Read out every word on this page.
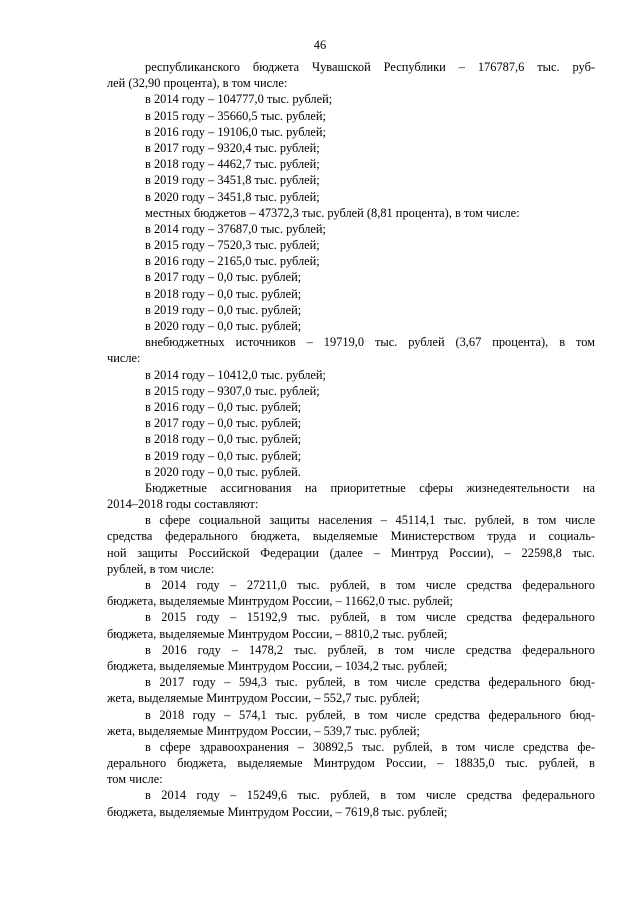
46
республиканского бюджета Чувашской Республики – 176787,6 тыс. руб-
лей (32,90 процента), в том числе:
в 2014 году – 104777,0 тыс. рублей;
в 2015 году – 35660,5 тыс. рублей;
в 2016 году – 19106,0 тыс. рублей;
в 2017 году – 9320,4 тыс. рублей;
в 2018 году – 4462,7 тыс. рублей;
в 2019 году – 3451,8 тыс. рублей;
в 2020 году – 3451,8 тыс. рублей;
местных бюджетов – 47372,3 тыс. рублей (8,81 процента), в том числе:
в 2014 году – 37687,0 тыс. рублей;
в 2015 году – 7520,3 тыс. рублей;
в 2016 году – 2165,0 тыс. рублей;
в 2017 году – 0,0 тыс. рублей;
в 2018 году – 0,0 тыс. рублей;
в 2019 году – 0,0 тыс. рублей;
в 2020 году – 0,0 тыс. рублей;
внебюджетных источников – 19719,0 тыс. рублей (3,67 процента), в том
числе:
в 2014 году – 10412,0 тыс. рублей;
в 2015 году – 9307,0 тыс. рублей;
в 2016 году – 0,0 тыс. рублей;
в 2017 году – 0,0 тыс. рублей;
в 2018 году – 0,0 тыс. рублей;
в 2019 году – 0,0 тыс. рублей;
в 2020 году – 0,0 тыс. рублей.
Бюджетные ассигнования на приоритетные сферы жизнедеятельности на
2014–2018 годы составляют:
в сфере социальной защиты населения – 45114,1 тыс. рублей, в том числе
средства федерального бюджета, выделяемые Министерством труда и социаль-
ной защиты Российской Федерации (далее – Минтруд России), – 22598,8 тыс.
рублей, в том числе:
в 2014 году – 27211,0 тыс. рублей, в том числе средства федерального
бюджета, выделяемые Минтрудом России, – 11662,0 тыс. рублей;
в 2015 году – 15192,9 тыс. рублей, в том числе средства федерального
бюджета, выделяемые Минтрудом России, – 8810,2 тыс. рублей;
в 2016 году – 1478,2 тыс. рублей, в том числе средства федерального
бюджета, выделяемые Минтрудом России, – 1034,2 тыс. рублей;
в 2017 году – 594,3 тыс. рублей, в том числе средства федерального бюд-
жета, выделяемые Минтрудом России, – 552,7 тыс. рублей;
в 2018 году – 574,1 тыс. рублей, в том числе средства федерального бюд-
жета, выделяемые Минтрудом России, – 539,7 тыс. рублей;
в сфере здравоохранения – 30892,5 тыс. рублей, в том числе средства фе-
дерального бюджета, выделяемые Минтрудом России, – 18835,0 тыс. рублей, в
том числе:
в 2014 году – 15249,6 тыс. рублей, в том числе средства федерального
бюджета, выделяемые Минтрудом России, – 7619,8 тыс. рублей;
